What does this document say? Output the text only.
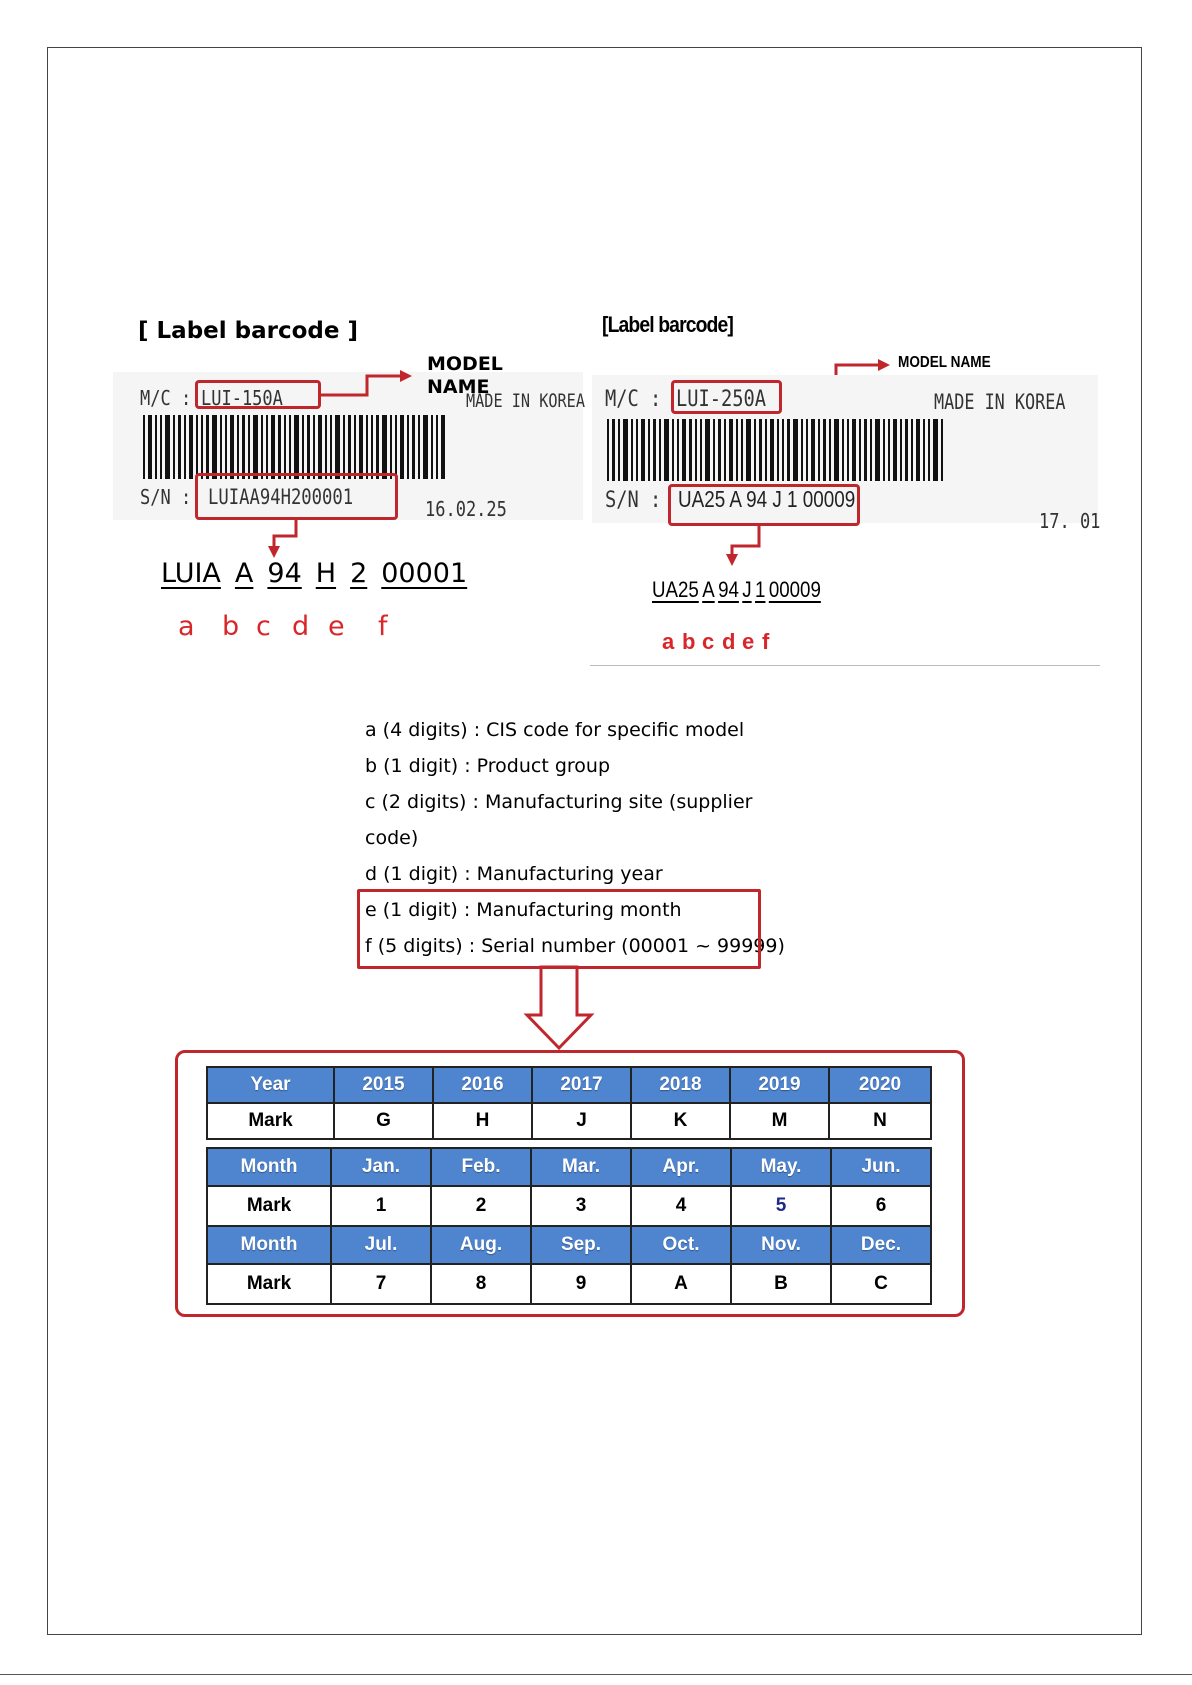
[ Label barcode ]
M/C : LUI-150A	MADE IN KOREA
S/N : LUIAA94H200001	16.02.25
MODEL NAME
LUIA A 94 H 2 00001
a b c d e f
[Label barcode]
M/C : LUI-250A	MADE IN KOREA
S/N : UA25 A 94 J 1 00009
17. 01
MODEL NAME
UA25 A 94 J 1 00009
a b c d e f
a (4 digits) : CIS code for specific model
b (1 digit) : Product group
c (2 digits) : Manufacturing site (supplier
code)
d (1 digit) : Manufacturing year
e (1 digit) : Manufacturing month
f (5 digits) : Serial number (00001 ~ 99999)
Year	2015	2016	2017	2018	2019	2020
Mark	G	H	J	K	M	N
Month	Jan.	Feb.	Mar.	Apr.	May.	Jun.
Mark	1	2	3	4	5	6
Month	Jul.	Aug.	Sep.	Oct.	Nov.	Dec.
Mark	7	8	9	A	B	C
